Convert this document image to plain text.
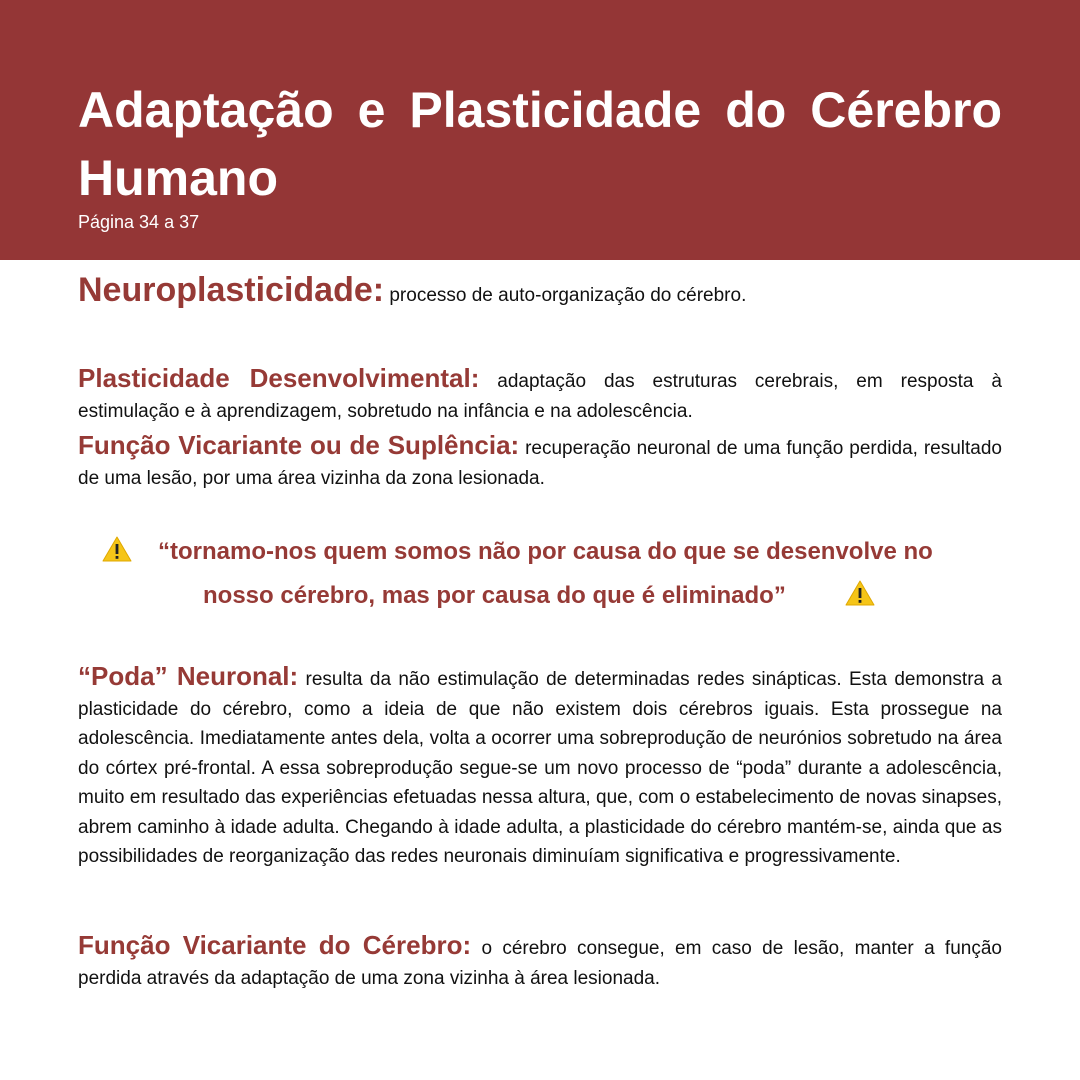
Adaptação e Plasticidade do Cérebro Humano
Página 34 a 37

Neuroplasticidade: processo de auto-organização do cérebro.

Plasticidade Desenvolvimental: adaptação das estruturas cerebrais, em resposta à estimulação e à aprendizagem, sobretudo na infância e na adolescência.

Função Vicariante ou de Suplência: recuperação neuronal de uma função perdida, resultado de uma lesão, por uma área vizinha da zona lesionada.

“tornamo-nos quem somos não por causa do que se desenvolve no
nosso cérebro, mas por causa do que é eliminado”

“Poda” Neuronal: resulta da não estimulação de determinadas redes sinápticas. Esta demonstra a plasticidade do cérebro, como a ideia de que não existem dois cérebros iguais. Esta prossegue na adolescência. Imediatamente antes dela, volta a ocorrer uma sobreprodução de neurónios sobretudo na área do córtex pré-frontal. A essa sobreprodução segue-se um novo processo de “poda” durante a adolescência, muito em resultado das experiências efetuadas nessa altura, que, com o estabelecimento de novas sinapses, abrem caminho à idade adulta. Chegando à idade adulta, a plasticidade do cérebro mantém-se, ainda que as possibilidades de reorganização das redes neuronais diminuíam significativa e progressivamente.

Função Vicariante do Cérebro: o cérebro consegue, em caso de lesão, manter a função perdida através da adaptação de uma zona vizinha à área lesionada.
